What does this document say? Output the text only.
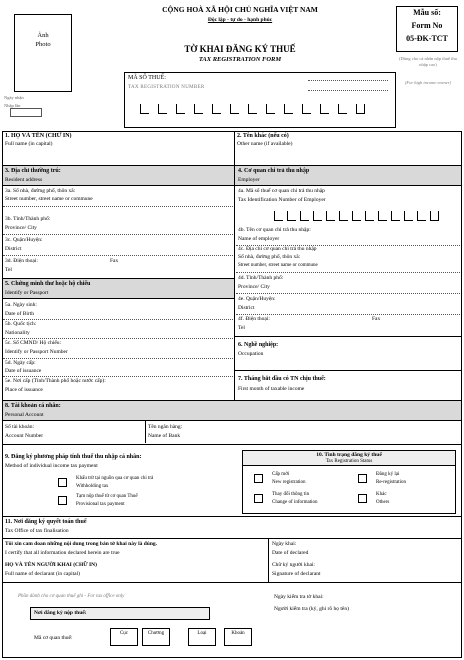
Ảnh
Photo
Ngày nhận
Nhập lần
CỘNG HOÀ XÃ HỘI CHỦ NGHĨA VIỆT NAM
Độc lập - tự do - hạnh phúc
TỜ KHAI ĐĂNG KÝ THUẾ
TAX REGISTRATION FORM
Mẫu số:
Form No
05-ĐK-TCT
(Dùng cho cá nhân nộp thuế thu nhập cao)
(For high income earner)
MÃ SỐ THUẾ:
TAX REGISTRATION NUMBER
1. HỌ VÀ TÊN (CHỮ IN)
Full name (in capital)
2. Tên khác (nếu có)
Other name (if available)
3. Địa chỉ thường trú:
Resident address
3a. Số nhà, đường phố, thôn xã:
Street number, street name or commune
3b. Tỉnh/Thành phố:
Province/ City
3c. Quận/Huyện:
District
3d. Điện thoại:
Tel
Fax
4. Cơ quan chi trả thu nhập
Employer
4a. Mã số thuế cơ quan chi trả thu nhập
Tax Identification Number of Employer
4b. Tên cơ quan chi trả thu nhập:
Name of employer
4c. Địa chỉ cơ quan chi trả thu nhập
Số nhà, đường phố, thôn xã:
Street number, street name or commune
4d. Tỉnh/Thành phố:
Province/ City
4e. Quận/Huyện:
District
4f. Điện thoại:
Tel
Fax
5. Chứng minh thư hoặc hộ chiếu
Identify or Passport
5a. Ngày sinh:
Date of Birth
5b. Quốc tịch:
Nationality
5c. Số CMND/ Hộ chiếu:
Identify or Passport Number
5d. Ngày cấp:
Date of issuance
5e. Nơi cấp (Tỉnh/Thành phố hoặc nước cấp):
Place of issuance
6. Nghề nghiệp:
Occupation
7. Tháng bắt đầu có TN chịu thuế:
First month of taxable income
8. Tài khoản cá nhân:
Personal Account
Số tài khoản:
Account Number
Tên ngân hàng:
Name of Bank
9. Đăng ký phương pháp tính thuế thu nhập cá nhân:
Method of individual income tax payment
Khấu trừ tại nguồn qua cơ quan chi trả
Withholding tax
Tạm nộp thuế từ cơ quan Thuế
Provisional tax payment
10. Tình trạng đăng ký thuế
Tax Registration Status
Cấp mới
New registration
Thay đổi thông tin
Change of information
Đăng ký lại
Re-registration
Khác
Others
11. Nơi đăng ký quyết toán thuế
Tax Office of tax finalisation
Tôi xin cam đoan những nội dung trong bản tờ khai này là đúng.
I certify that all information declared herein are true
HỌ VÀ TÊN NGƯỜI KHAI (CHỮ IN)
Full name of declarant (in capital)
Ngày khai:
Date of declared
Chữ ký người khai:
Signature of declarant
Phần dành cho cơ quan thuế ghi - For tax office only
Nơi đăng ký nộp thuế:
Mã cơ quan thuế:
Cục	Chương	Loại	Khoản
Ngày kiểm tra tờ khai:
Người kiểm tra (ký, ghi rõ họ tên)
